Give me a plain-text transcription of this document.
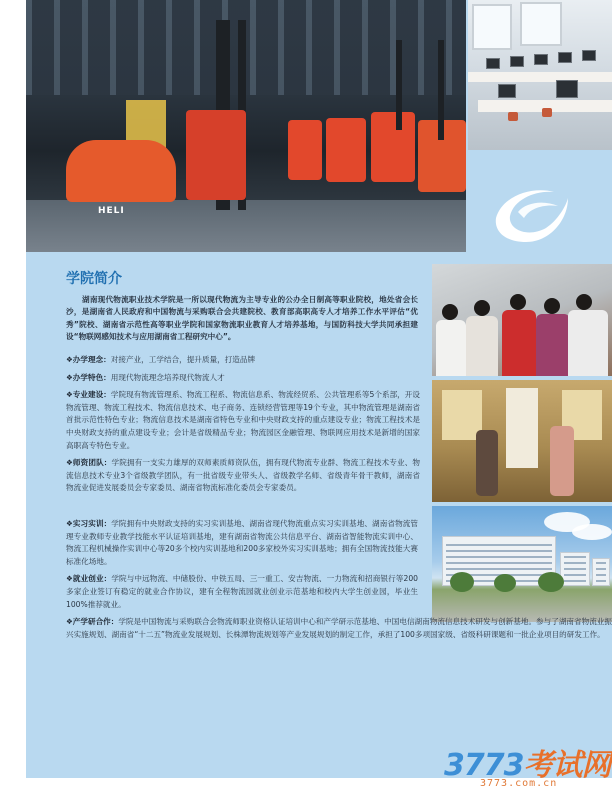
HELI
学院简介

湖南现代物流职业技术学院是一所以现代物流为主导专业的公办全日制高等职业院校，地处省会长沙，是湖南省人民政府和中国物流与采购联合会共建院校、教育部高职高专人才培养工作水平评估“优秀”院校、湖南省示范性高等职业学院和国家物流职业教育人才培养基地，与国防科技大学共同承担建设“物联网感知技术与应用湖南省工程研究中心”。

❖办学理念：对接产业，工学结合，提升质量，打造品牌

❖办学特色：用现代物流理念培养现代物流人才

❖专业建设：学院现有物流管理系、物流工程系、物流信息系、物流经贸系、公共管理系等5个系部，开设物流管理、物流工程技术、物流信息技术、电子商务、连锁经营管理等19个专业，其中物流管理是湖南省首批示范性特色专业；物流信息技术是湖南省特色专业和中央财政支持的重点建设专业；物流工程技术是中央财政支持的重点建设专业；会计是省级精品专业；物流园区金融管理、物联网应用技术是新增的国家高职高专特色专业。

❖师资团队：学院拥有一支实力雄厚的双师素质师资队伍，拥有现代物流专业群、物流工程技术专业、物流信息技术专业3个省级教学团队，有一批省级专业带头人、省级教学名师、省级青年骨干教师，湖南省物流业促进发展委员会专家委员、湖南省物流标准化委员会专家委员。

❖实习实训：学院拥有中央财政支持的实习实训基地、湖南省现代物流重点实习实训基地、湖南省物流管理专业教师专业教学技能水平认证培训基地，建有湖南省物流公共信息平台、湖南省智能物流实训中心、物流工程机械操作实训中心等20多个校内实训基地和200多家校外实习实训基地；拥有全国物流技能大赛标准化场地。

❖就业创业：学院与中远物流、中储股份、中铁五局、三一重工、安吉物流、一力物流和招商银行等200多家企业签订有稳定的就业合作协议，建有全程物流园就业创业示范基地和校内大学生创业园，毕业生100%推荐就业。

❖产学研合作：学院是中国物流与采购联合会物流师职业资格认证培训中心和产学研示范基地、中国电信湖南物流信息技术研发与创新基地。参与了湖南省物流业振兴实施规划、湖南省“十二五”物流业发展规划、长株潭物流规划等产业发展规划的制定工作，承担了100多项国家级、省级科研课题和一批企业项目的研发工作。

3773考试网
3773.com.cn
